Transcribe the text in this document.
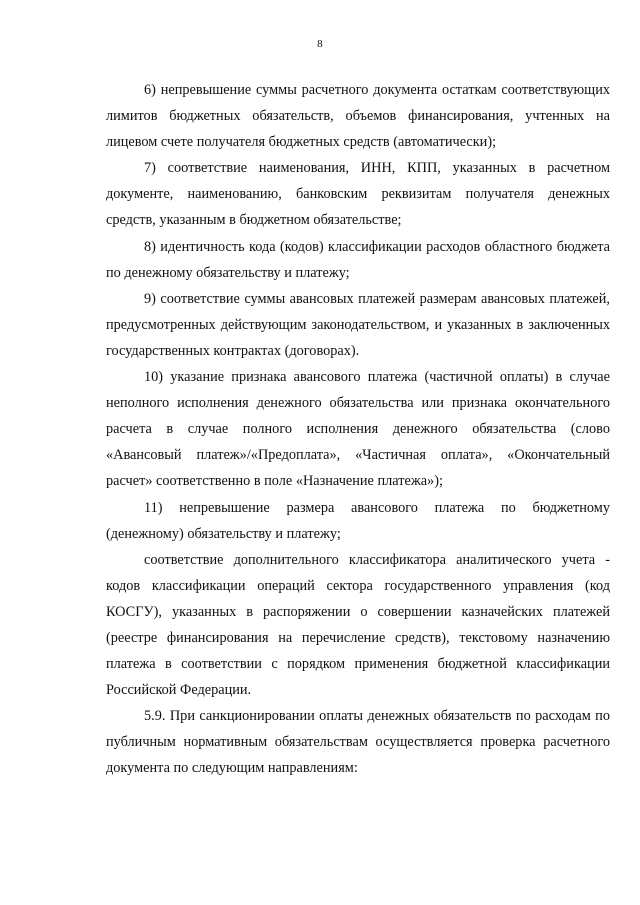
8

6) непревышение суммы расчетного документа остаткам соответствующих лимитов бюджетных обязательств, объемов финансирования, учтенных на лицевом счете получателя бюджетных средств (автоматически);

7) соответствие наименования, ИНН, КПП, указанных в расчетном документе, наименованию, банковским реквизитам получателя денежных средств, указанным в бюджетном обязательстве;

8) идентичность кода (кодов) классификации расходов областного бюджета по денежному обязательству и платежу;

9) соответствие суммы авансовых платежей размерам авансовых платежей, предусмотренных действующим законодательством, и указанных в заключенных государственных контрактах (договорах).

10) указание признака авансового платежа (частичной оплаты) в случае неполного исполнения денежного обязательства или признака окончательного расчета в случае полного исполнения денежного обязательства (слово «Авансовый платеж»/«Предоплата», «Частичная оплата», «Окончательный расчет» соответственно в поле «Назначение платежа»);

11) непревышение размера авансового платежа по бюджетному (денежному) обязательству и платежу;

соответствие дополнительного классификатора аналитического учета - кодов классификации операций сектора государственного управления (код КОСГУ), указанных в распоряжении о совершении казначейских платежей (реестре финансирования на перечисление средств), текстовому назначению платежа в соответствии с порядком применения бюджетной классификации Российской Федерации.

5.9. При санкционировании оплаты денежных обязательств по расходам по публичным нормативным обязательствам осуществляется проверка расчетного документа по следующим направлениям:
